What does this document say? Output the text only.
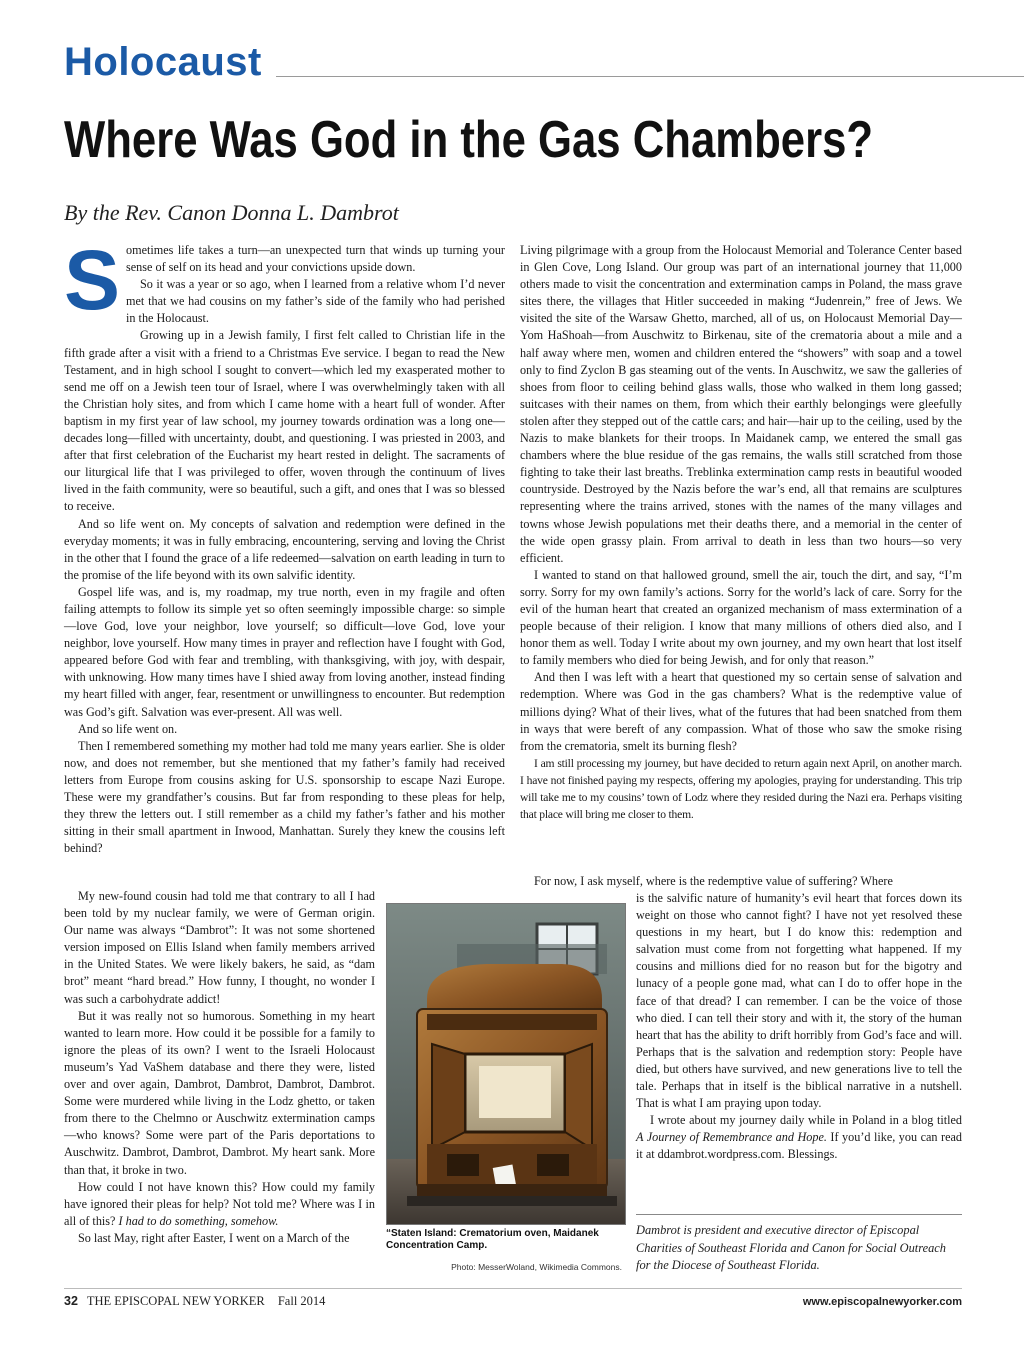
Holocaust
Where Was God in the Gas Chambers?
By the Rev. Canon Donna L. Dambrot
S ometimes life takes a turn—an unexpected turn that winds up turning your sense of self on its head and your convictions upside down.

So it was a year or so ago, when I learned from a relative whom I’d never met that we had cousins on my father’s side of the family who had perished in the Holocaust.

Growing up in a Jewish family, I first felt called to Christian life in the fifth grade after a visit with a friend to a Christmas Eve service. I began to read the New Testament, and in high school I sought to convert—which led my exasperated mother to send me off on a Jewish teen tour of Israel, where I was overwhelmingly taken with all the Christian holy sites, and from which I came home with a heart full of wonder. After baptism in my first year of law school, my journey towards ordination was a long one—decades long—filled with uncertainty, doubt, and questioning. I was priested in 2003, and after that first celebration of the Eucharist my heart rested in delight. The sacraments of our liturgical life that I was privileged to offer, woven through the continuum of lives lived in the faith community, were so beautiful, such a gift, and ones that I was so blessed to receive.

And so life went on. My concepts of salvation and redemption were defined in the everyday moments; it was in fully embracing, encountering, serving and loving the Christ in the other that I found the grace of a life redeemed—salvation on earth leading in turn to the promise of the life beyond with its own salvific identity.

Gospel life was, and is, my roadmap, my true north, even in my fragile and often failing attempts to follow its simple yet so often seemingly impossible charge: so simple—love God, love your neighbor, love yourself; so difficult—love God, love your neighbor, love yourself. How many times in prayer and reflection have I fought with God, appeared before God with fear and trembling, with thanksgiving, with joy, with despair, with unknowing. How many times have I shied away from loving another, instead finding my heart filled with anger, fear, resentment or unwillingness to encounter. But redemption was God’s gift. Salvation was ever-present. All was well.

And so life went on.

Then I remembered something my mother had told me many years earlier. She is older now, and does not remember, but she mentioned that my father’s family had received letters from Europe from cousins asking for U.S. sponsorship to escape Nazi Europe. These were my grandfather’s cousins. But far from responding to these pleas for help, they threw the letters out. I still remember as a child my father’s father and his mother sitting in their small apartment in Inwood, Manhattan. Surely they knew the cousins left behind?

My new-found cousin had told me that contrary to all I had been told by my nuclear family, we were of German origin. Our name was always “Dambrot”: It was not some shortened version imposed on Ellis Island when family members arrived in the United States. We were likely bakers, he said, as “dam brot” meant “hard bread.” How funny, I thought, no wonder I was such a carbohydrate addict!

But it was really not so humorous. Something in my heart wanted to learn more. How could it be possible for a family to ignore the pleas of its own? I went to the Israeli Holocaust museum’s Yad VaShem database and there they were, listed over and over again, Dambrot, Dambrot, Dambrot, Dambrot. Some were murdered while living in the Lodz ghetto, or taken from there to the Chelmno or Auschwitz extermination camps—who knows? Some were part of the Paris deportations to Auschwitz. Dambrot, Dambrot, Dambrot. My heart sank. More than that, it broke in two.

How could I not have known this? How could my family have ignored their pleas for help? Not told me? Where was I in all of this? I had to do something, somehow.

So last May, right after Easter, I went on a March of the	“Staten Island: Crematorium oven, Maidanek Concentration Camp.
Photo: MesserWoland, Wikimedia Commons.

Living pilgrimage with a group from the Holocaust Memorial and Tolerance Center based in Glen Cove, Long Island. Our group was part of an international journey that 11,000 others made to visit the concentration and extermination camps in Poland, the mass grave sites there, the villages that Hitler succeeded in making “Judenrein,” free of Jews. We visited the site of the Warsaw Ghetto, marched, all of us, on Holocaust Memorial Day—Yom HaShoah—from Auschwitz to Birkenau, site of the crematoria about a mile and a half away where men, women and children entered the “showers” with soap and a towel only to find Zyclon B gas steaming out of the vents. In Auschwitz, we saw the galleries of shoes from floor to ceiling behind glass walls, those who walked in them long gassed; suitcases with their names on them, from which their earthly belongings were gleefully stolen after they stepped out of the cattle cars; and hair—hair up to the ceiling, used by the Nazis to make blankets for their troops. In Maidanek camp, we entered the small gas chambers where the blue residue of the gas remains, the walls still scratched from those fighting to take their last breaths. Treblinka extermination camp rests in beautiful wooded countryside. Destroyed by the Nazis before the war’s end, all that remains are sculptures representing where the trains arrived, stones with the names of the many villages and towns whose Jewish populations met their deaths there, and a memorial in the center of the wide open grassy plain. From arrival to death in less than two hours—so very efficient.

I wanted to stand on that hallowed ground, smell the air, touch the dirt, and say, “I’m sorry. Sorry for my own family’s actions. Sorry for the world’s lack of care. Sorry for the evil of the human heart that created an organized mechanism of mass extermination of a people because of their religion. I know that many millions of others died also, and I honor them as well. Today I write about my own journey, and my own heart that lost itself to family members who died for being Jewish, and for only that reason.”

And then I was left with a heart that questioned my so certain sense of salvation and redemption. Where was God in the gas chambers? What is the redemptive value of millions dying? What of their lives, what of the futures that had been snatched from them in ways that were bereft of any compassion. What of those who saw the smoke rising from the crematoria, smelt its burning flesh?

I am still processing my journey, but have decided to return again next April, on another march. I have not finished paying my respects, offering my apologies, praying for understanding. This trip will take me to my cousins’ town of Lodz where they resided during the Nazi era. Perhaps visiting that place will bring me closer to them.

For now, I ask myself, where is the redemptive value of suffering? Where

is the salvific nature of humanity’s evil heart that forces down its weight on those who cannot fight? I have not yet resolved these questions in my heart, but I do know this: redemption and salvation must come from not forgetting what happened. If my cousins and millions died for no reason but for the bigotry and lunacy of a people gone mad, what can I do to offer hope in the face of that dread? I can remember. I can be the voice of those who died. I can tell their story and with it, the story of the human heart that has the ability to drift horribly from God’s face and will. Perhaps that is the salvation and redemption story: People have died, but others have survived, and new generations live to tell the tale. Perhaps that in itself is the biblical narrative in a nutshell. That is what I am praying upon today.

I wrote about my journey daily while in Poland in a blog titled A Journey of Remembrance and Hope. If you’d like, you can read it at ddambrot.wordpress.com. Blessings.

Dambrot is president and executive director of Episcopal Charities of Southeast Florida and Canon for Social Outreach for the Diocese of Southeast Florida.
32 THE EPISCOPAL NEW YORKER Fall 2014	www.episcopalnewyorker.com
